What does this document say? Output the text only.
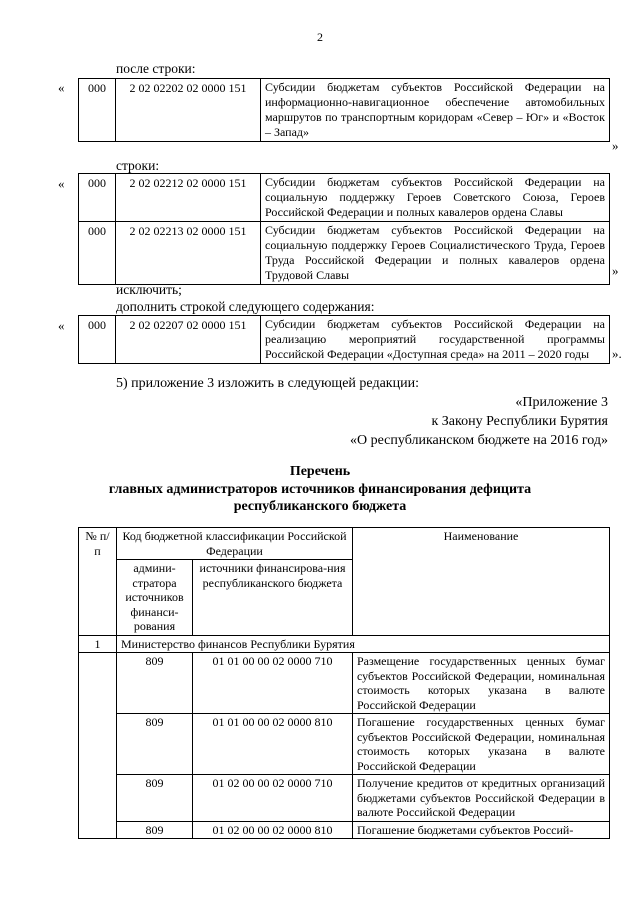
2
после строки:
« 000	2 02 02202 02 0000 151	Субсидии бюджетам субъектов Российской Федерации на информационно-навигационное обеспечение автомобильных маршрутов по транспортным коридорам «Север – Юг» и «Восток – Запад»
»
строки:
« 000	2 02 02212 02 0000 151	Субсидии бюджетам субъектов Российской Федерации на социальную поддержку Героев Советского Союза, Героев Российской Федерации и полных кавалеров ордена Славы
000	2 02 02213 02 0000 151	Субсидии бюджетам субъектов Российской Федерации на социальную поддержку Героев Социалистического Труда, Героев Труда Российской Федерации и полных кавалеров ордена Трудовой Славы	»
исключить;
дополнить строкой следующего содержания:
« 000	2 02 02207 02 0000 151	Субсидии бюджетам субъектов Российской Федерации на реализацию мероприятий государственной программы Российской Федерации «Доступная среда» на 2011 – 2020 годы ».
5) приложение 3 изложить в следующей редакции:
«Приложение 3
к Закону Республики Бурятия
«О республиканском бюджете на 2016 год»
Перечень
главных администраторов источников финансирования дефицита
республиканского бюджета
№ п/п	Код бюджетной классификации Российской Федерации		Наименование
	админи-стратора источников финанси-рования	источники финансирова-ния республиканского бюджета	
1	Министерство финансов Республики Бурятия		
	809	01 01 00 00 02 0000 710	Размещение государственных ценных бумаг субъектов Российской Федерации, номинальная стоимость которых указана в валюте Российской Федерации
	809	01 01 00 00 02 0000 810	Погашение государственных ценных бумаг субъектов Российской Федерации, номинальная стоимость которых указана в валюте Российской Федерации
	809	01 02 00 00 02 0000 710	Получение кредитов от кредитных организаций бюджетами субъектов Российской Федерации в валюте Российской Федерации
	809	01 02 00 00 02 0000 810	Погашение бюджетами субъектов Россий-
